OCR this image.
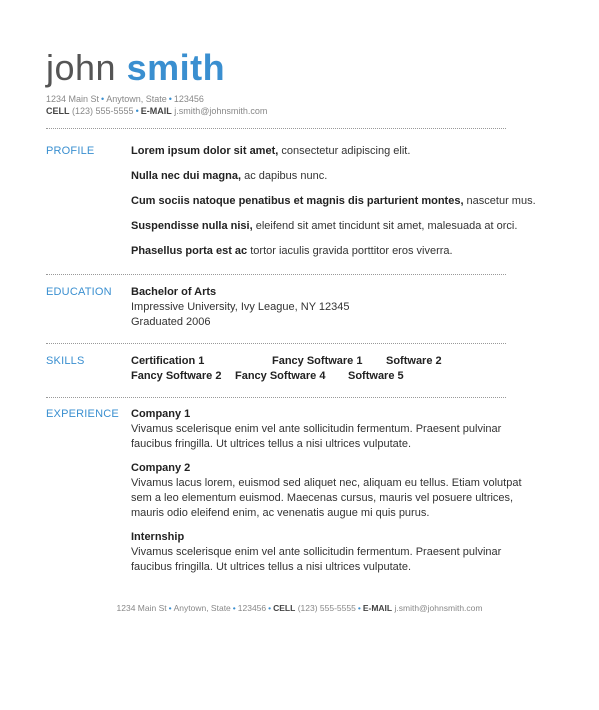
john smith
1234 Main St • Anytown, State • 123456
CELL (123) 555-5555 • E-MAIL j.smith@johnsmith.com
PROFILE	Lorem ipsum dolor sit amet, consectetur adipiscing elit.
Nulla nec dui magna, ac dapibus nunc.
Cum sociis natoque penatibus et magnis dis parturient montes, nascetur mus.
Suspendisse nulla nisi, eleifend sit amet tincidunt sit amet, malesuada at orci.
Phasellus porta est ac tortor iaculis gravida porttitor eros viverra.
EDUCATION Bachelor of Arts
Impressive University, Ivy League, NY 12345
Graduated 2006
SKILLS	Certification 1	Fancy Software 1 Software 2
Fancy Software 2 Fancy Software 4 Software 5
EXPERIENCE Company 1
Vivamus scelerisque enim vel ante sollicitudin fermentum. Praesent pulvinar faucibus fringilla. Ut ultrices tellus a nisi ultrices vulputate.
Company 2
Vivamus lacus lorem, euismod sed aliquet nec, aliquam eu tellus. Etiam volutpat sem a leo elementum euismod. Maecenas cursus, mauris vel posuere ultrices, mauris odio eleifend enim, ac venenatis augue mi quis purus.
Internship
Vivamus scelerisque enim vel ante sollicitudin fermentum. Praesent pulvinar faucibus fringilla. Ut ultrices tellus a nisi ultrices vulputate.
1234 Main St • Anytown, State • 123456 • CELL (123) 555-5555 • E-MAIL j.smith@johnsmith.com
